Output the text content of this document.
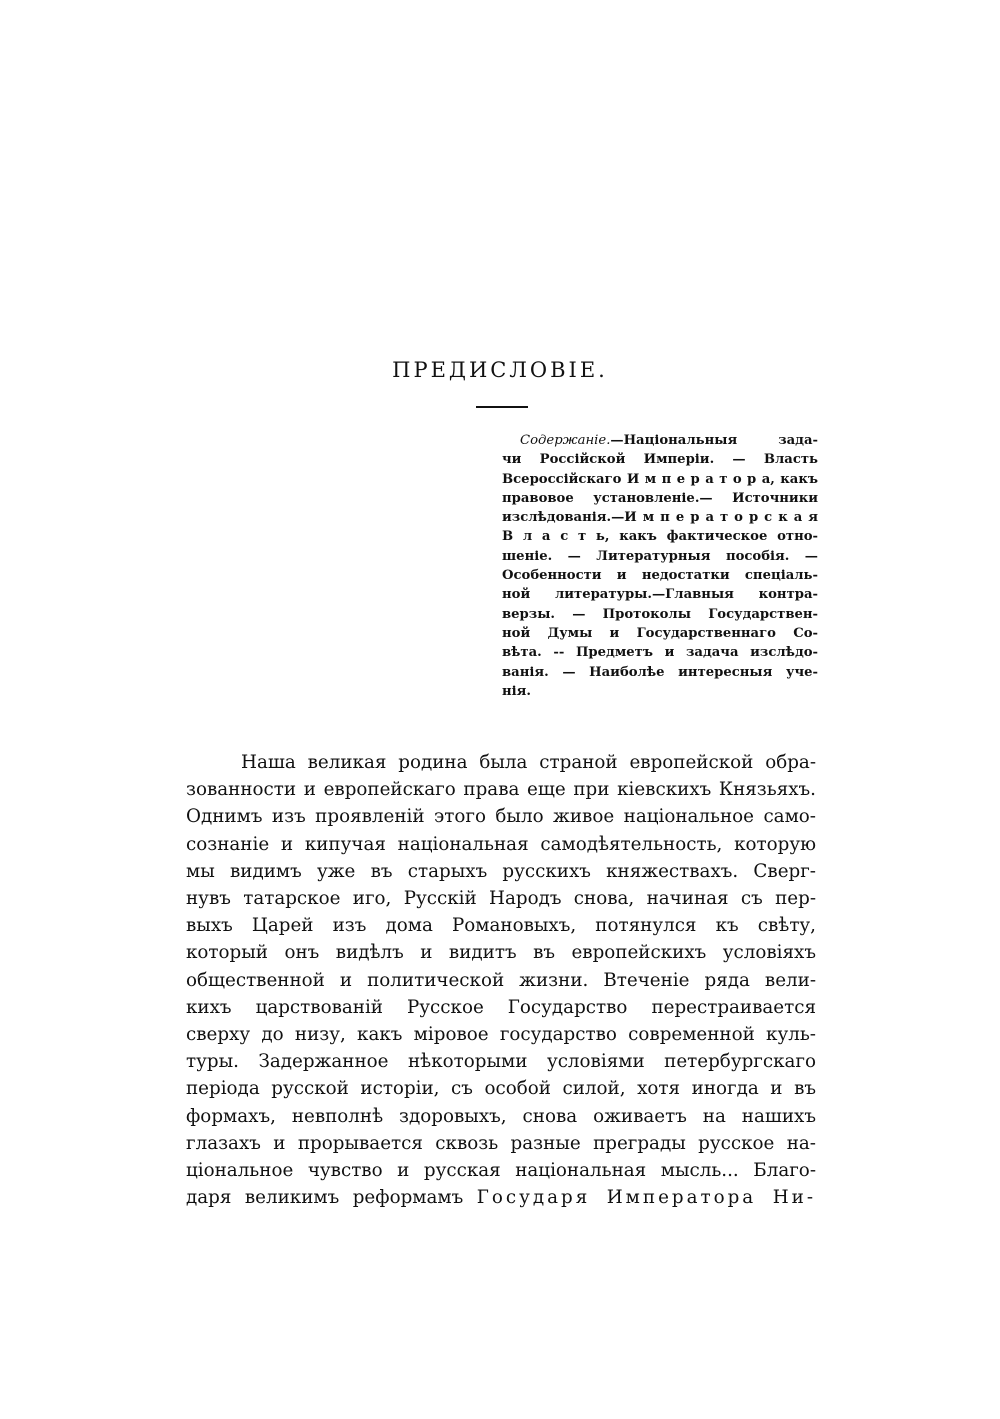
ПРЕДИСЛОВІЕ.
Содержаніе.—Національныя зада-
чи Россійской Имперіи. — Власть
Всероссійскаго И м п е р а т о р а, какъ
правовое установленіе.— Источники
изслѣдованія.—И м п е р а т о р с к а я
В л а с т ь, какъ фактическое отно-
шеніе. — Литературныя пособія. —
Особенности и недостатки спеціаль-
ной литературы.—Главныя контра-
верзы. — Протоколы Государствен-
ной Думы и Государственнаго Со-
вѣта. -- Предметъ и задача изслѣдо-
ванія. — Наиболѣе интересныя уче-
нія.
Наша великая родина была страной европейской обра-
зованности и европейскаго права еще при кіевскихъ Князьяхъ.
Однимъ изъ проявленій этого было живое національное само-
сознаніе и кипучая національная самодѣятельность, которую
мы видимъ уже въ старыхъ русскихъ княжествахъ. Сверг-
нувъ татарское иго, Русскій Народъ снова, начиная съ пер-
выхъ Царей изъ дома Романовыхъ, потянулся къ свѣту,
который онъ видѣлъ и видитъ въ европейскихъ условіяхъ
общественной и политической жизни. Втеченіе ряда вели-
кихъ царствованій Русское Государство перестраивается
сверху до низу, какъ міровое государство современной куль-
туры. Задержанное нѣкоторыми условіями петербургскаго
періода русской исторіи, съ особой силой, хотя иногда и въ
формахъ, невполнѣ здоровыхъ, снова оживаетъ на нашихъ
глазахъ и прорывается сквозь разные преграды русское на-
ціональное чувство и русская національная мысль... Благо-
даря великимъ реформамъ Государя Императора Ни-
